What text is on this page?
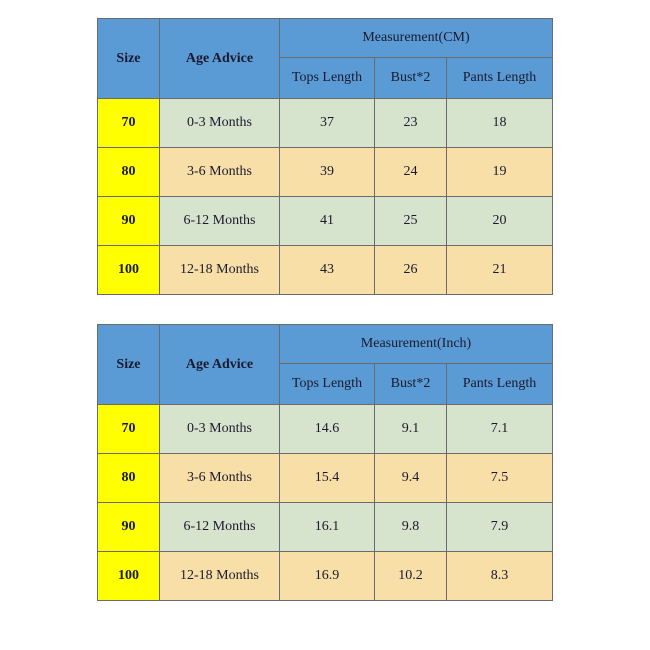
Size	Age Advice	Measurement(CM)		
		Tops Length	Bust*2	Pants Length
70	0-3 Months	37	23	18
80	3-6 Months	39	24	19
90	6-12 Months	41	25	20
100	12-18 Months	43	26	21
Size	Age Advice	Measurement(Inch)		
		Tops Length	Bust*2	Pants Length
70	0-3 Months	14.6	9.1	7.1
80	3-6 Months	15.4	9.4	7.5
90	6-12 Months	16.1	9.8	7.9
100	12-18 Months	16.9	10.2	8.3
